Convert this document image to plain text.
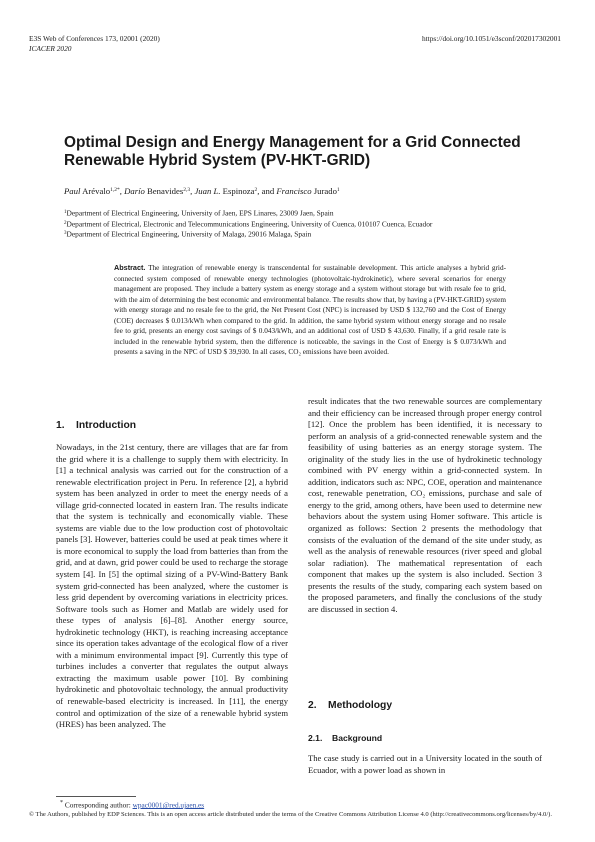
E3S Web of Conferences 173, 02001 (2020)	https://doi.org/10.1051/e3sconf/202017302001
ICACER 2020
Optimal Design and Energy Management for a Grid Connected Renewable Hybrid System (PV-HKT-GRID)
Paul Arévalo$^{1,2*}$, Darío Benavides$^{2,3}$, Juan L. Espinoza$^2$, and Francisco Jurado$^1$
$^1$Department of Electrical Engineering, University of Jaen, EPS Linares, 23009 Jaen, Spain
$^2$Department of Electrical, Electronic and Telecommunications Engineering, University of Cuenca, 010107 Cuenca, Ecuador
$^3$Department of Electrical Engineering, University of Malaga, 29016 Malaga, Spain
Abstract. The integration of renewable energy is transcendental for sustainable development. This article analyses a hybrid grid-connected system composed of renewable energy technologies (photovoltaic-hydrokinetic), where several scenarios for energy management are proposed. They include a battery system as energy storage and a system without storage but with resale fee to grid, with the aim of determining the best economic and environmental balance. The results show that, by having a (PV-HKT-GRID) system with energy storage and no resale fee to the grid, the Net Present Cost (NPC) is increased by USD $ 132,760 and the Cost of Energy (COE) decreases $ 0.013/kWh when compared to the grid. In addition, the same hybrid system without energy storage and no resale fee to grid, presents an energy cost savings of $ 0.043/kWh, and an additional cost of USD $ 43,630. Finally, if a grid resale rate is included in the renewable hybrid system, then the difference is noticeable, the savings in the Cost of Energy is $ 0.073/kWh and presents a saving in the NPC of USD $ 39,930. In all cases, CO₂ emissions have been avoided.
1. Introduction
Nowadays, in the 21st century, there are villages that are far from the grid where it is a challenge to supply them with electricity. In [1] a technical analysis was carried out for the construction of a renewable electrification project in Peru. In reference [2], a hybrid system has been analyzed in order to meet the energy needs of a village grid-connected located in eastern Iran. The results indicate that the system is technically and economically viable. These systems are viable due to the low production cost of photovoltaic panels [3]. However, batteries could be used at peak times where it is more economical to supply the load from batteries than from the grid, and at dawn, grid power could be used to recharge the storage system [4]. In [5] the optimal sizing of a PV-Wind-Battery Bank system grid-connected has been analyzed, where the customer is less grid dependent by overcoming variations in electricity prices. Software tools such as Homer and Matlab are widely used for these types of analysis [6]–[8]. Another energy source, hydrokinetic technology (HKT), is reaching increasing acceptance since its operation takes advantage of the ecological flow of a river with a minimum environmental impact [9]. Currently this type of turbines includes a converter that regulates the output always extracting the maximum usable power [10]. By combining hydrokinetic and photovoltaic technology, the annual productivity of renewable-based electricity is increased. In [11], the energy control and optimization of the size of a renewable hybrid system (HRES) has been analyzed. The
result indicates that the two renewable sources are complementary and their efficiency can be increased through proper energy control [12]. Once the problem has been identified, it is necessary to perform an analysis of a grid-connected renewable system and the feasibility of using batteries as an energy storage system. The originality of the study lies in the use of hydrokinetic technology combined with PV energy within a grid-connected system. In addition, indicators such as: NPC, COE, operation and maintenance cost, renewable penetration, CO₂ emissions, purchase and sale of energy to the grid, among others, have been used to determine new behaviors about the system using Homer software. This article is organized as follows: Section 2 presents the methodology that consists of the evaluation of the demand of the site under study, as well as the analysis of renewable resources (river speed and global solar radiation). The mathematical representation of each component that makes up the system is also included. Section 3 presents the results of the study, comparing each system based on the proposed parameters, and finally the conclusions of the study are discussed in section 4.
2. Methodology
2.1. Background
The case study is carried out in a University located in the south of Ecuador, with a power load as shown in
* Corresponding author: wpac0001@red.ujaen.es
© The Authors, published by EDP Sciences. This is an open access article distributed under the terms of the Creative Commons Attribution License 4.0 (http://creativecommons.org/licenses/by/4.0/).
